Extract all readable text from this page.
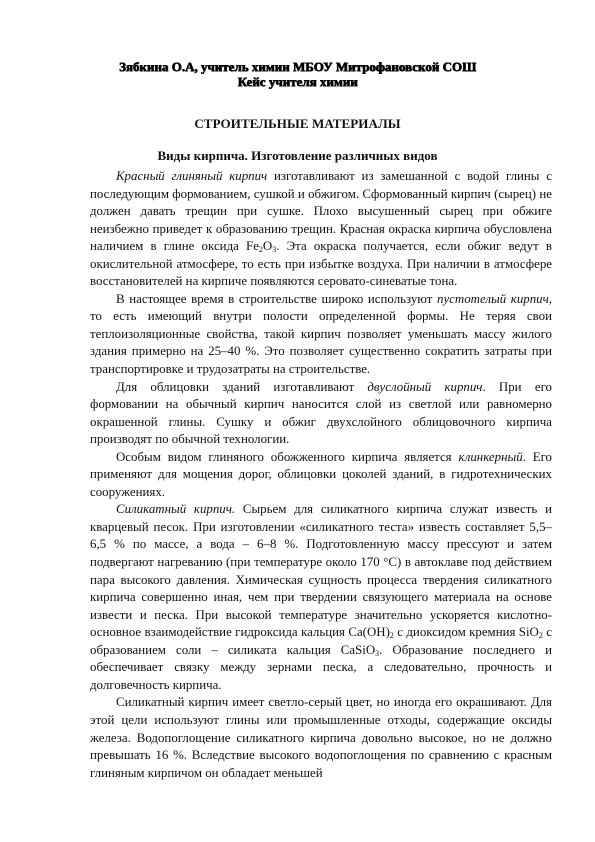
Зябкина О.А, учитель химии МБОУ Митрофановской СОШ
Кейс учителя химии
СТРОИТЕЛЬНЫЕ МАТЕРИАЛЫ
Виды кирпича. Изготовление различных видов

Красный глиняный кирпич изготавливают из замешанной с водой глины с последующим формованием, сушкой и обжигом. Сформованный кирпич (сырец) не должен давать трещин при сушке. Плохо высушенный сырец при обжиге неизбежно приведет к образованию трещин. Красная окраска кирпича обусловлена наличием в глине оксида $Fe_2O_3$. Эта окраска получается, если обжиг ведут в окислительной атмосфере, то есть при избытке воздуха. При наличии в атмосфере восстановителей на кирпиче появляются серовато-синеватые тона.

В настоящее время в строительстве широко используют пустотелый кирпич, то есть имеющий внутри полости определенной формы. Не теряя свои теплоизоляционные свойства, такой кирпич позволяет уменьшать массу жилого здания примерно на 25–40 %. Это позволяет существенно сократить затраты при транспортировке и трудозатраты на строительстве.

Для облицовки зданий изготавливают двуслойный кирпич. При его формовании на обычный кирпич наносится слой из светлой или равномерно окрашенной глины. Сушку и обжиг двухслойного облицовочного кирпича производят по обычной технологии.

Особым видом глиняного обожженного кирпича является клинкерный. Его применяют для мощения дорог, облицовки цоколей зданий, в гидротехнических сооружениях.

Силикатный кирпич. Сырьем для силикатного кирпича служат известь и кварцевый песок. При изготовлении «силикатного теста» известь составляет 5,5–6,5 % по массе, а вода – 6–8 %. Подготовленную массу прессуют и затем подвергают нагреванию (при температуре около 170 °С) в автоклаве под действием пара высокого давления. Химическая сущность процесса твердения силикатного кирпича совершенно иная, чем при твердении связующего материала на основе извести и песка. При высокой температуре значительно ускоряется кислотно-основное взаимодействие гидроксида кальция $Са(ОН)_2$ с диоксидом кремния SiO$_2$ с образованием соли – силиката кальция СаSiO$_3$. Образование последнего и обеспечивает связку между зернами песка, а следовательно, прочность и долговечность кирпича.

Силикатный кирпич имеет светло-серый цвет, но иногда его окрашивают. Для этой цели используют глины или промышленные отходы, содержащие оксиды железа. Водопоглощение силикатного кирпича довольно высокое, но не должно превышать 16 %. Вследствие высокого водопоглощения по сравнению с красным глиняным кирпичом он обладает меньшей
